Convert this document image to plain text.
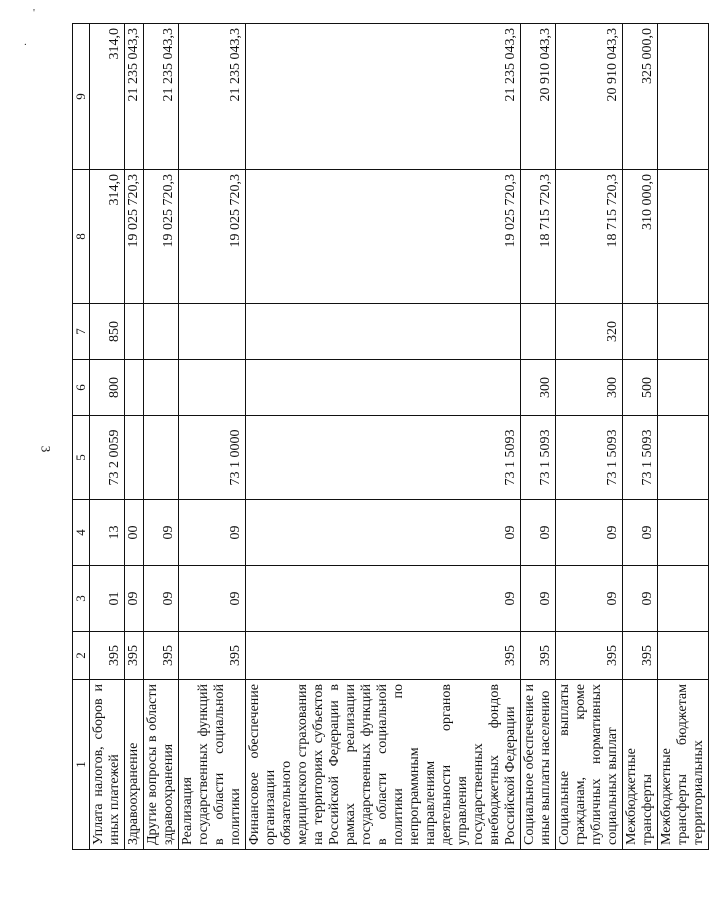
'
.
3
1	2	3	4	5	6	7	8	9
Уплата налогов, сборов и иных платежей	395	01	13	73 2 0059	800	850	314,0	314,0
Здравоохранение	395	09	00				19 025 720,3	21 235 043,3
Другие вопросы в области здравоохранения	395	09	09				19 025 720,3	21 235 043,3
Реализация государственных функций в области социальной политики	395	09	09	73 1 0000			19 025 720,3	21 235 043,3
Финансовое обеспечение организации обязательного медицинского страхования на территориях субъектов Российской Федерации в рамках реализации государственных функций в области социальной политики по непрограммным направлениям деятельности органов управления государственных внебюджетных фондов Российской Федерации	395	09	09	73 1 5093			19 025 720,3	21 235 043,3
Социальное обеспечение и иные выплаты населению	395	09	09	73 1 5093	300		18 715 720,3	20 910 043,3
Социальные выплаты гражданам, кроме публичных нормативных социальных выплат	395	09	09	73 1 5093	300	320	18 715 720,3	20 910 043,3
Межбюджетные трансферты	395	09	09	73 1 5093	500		310 000,0	325 000,0
Межбюджетные трансферты бюджетам территориальных								
